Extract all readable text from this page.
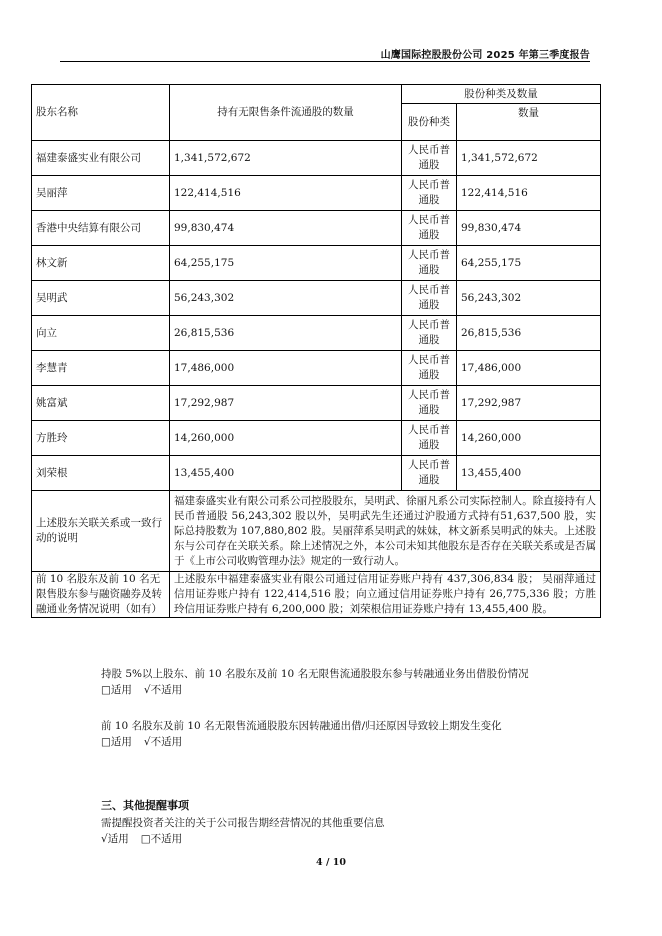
山鹰国际控股股份公司 2025 年第三季度报告
股东名称	持有无限售条件流通股的数量	股份种类及数量	
		股份种类	数量
福建泰盛实业有限公司	1,341,572,672	人民币普通股	1,341,572,672
吴丽萍	122,414,516	人民币普通股	122,414,516
香港中央结算有限公司	99,830,474	人民币普通股	99,830,474
林文新	64,255,175	人民币普通股	64,255,175
吴明武	56,243,302	人民币普通股	56,243,302
向立	26,815,536	人民币普通股	26,815,536
李慧青	17,486,000	人民币普通股	17,486,000
姚富斌	17,292,987	人民币普通股	17,292,987
方胜玲	14,260,000	人民币普通股	14,260,000
刘荣根	13,455,400	人民币普通股	13,455,400
上述股东关联关系或一致行动的说明	福建泰盛实业有限公司系公司控股股东，吴明武、徐丽凡系公司实际控制人。除直接持有人民币普通股 56,243,302 股以外，吴明武先生还通过沪股通方式持有51,637,500 股，实际总持股数为 107,880,802 股。吴丽萍系吴明武的妹妹，林文新系吴明武的妹夫。上述股东与公司存在关联关系。除上述情况之外，本公司未知其他股东是否存在关联关系或是否属于《上市公司收购管理办法》规定的一致行动人。		
前 10 名股东及前 10 名无限售股东参与融资融券及转融通业务情况说明（如有）	上述股东中福建泰盛实业有限公司通过信用证券账户持有 437,306,834 股； 吴丽萍通过信用证券账户持有 122,414,516 股；向立通过信用证券账户持有 26,775,336 股；方胜玲信用证券账户持有 6,200,000 股；刘荣根信用证券账户持有 13,455,400 股。		
持股 5%以上股东、前 10 名股东及前 10 名无限售流通股股东参与转融通业务出借股份情况
□适用 √不适用
前 10 名股东及前 10 名无限售流通股股东因转融通出借/归还原因导致较上期发生变化
□适用 √不适用
三、其他提醒事项
需提醒投资者关注的关于公司报告期经营情况的其他重要信息
√适用 □不适用
4 / 10
